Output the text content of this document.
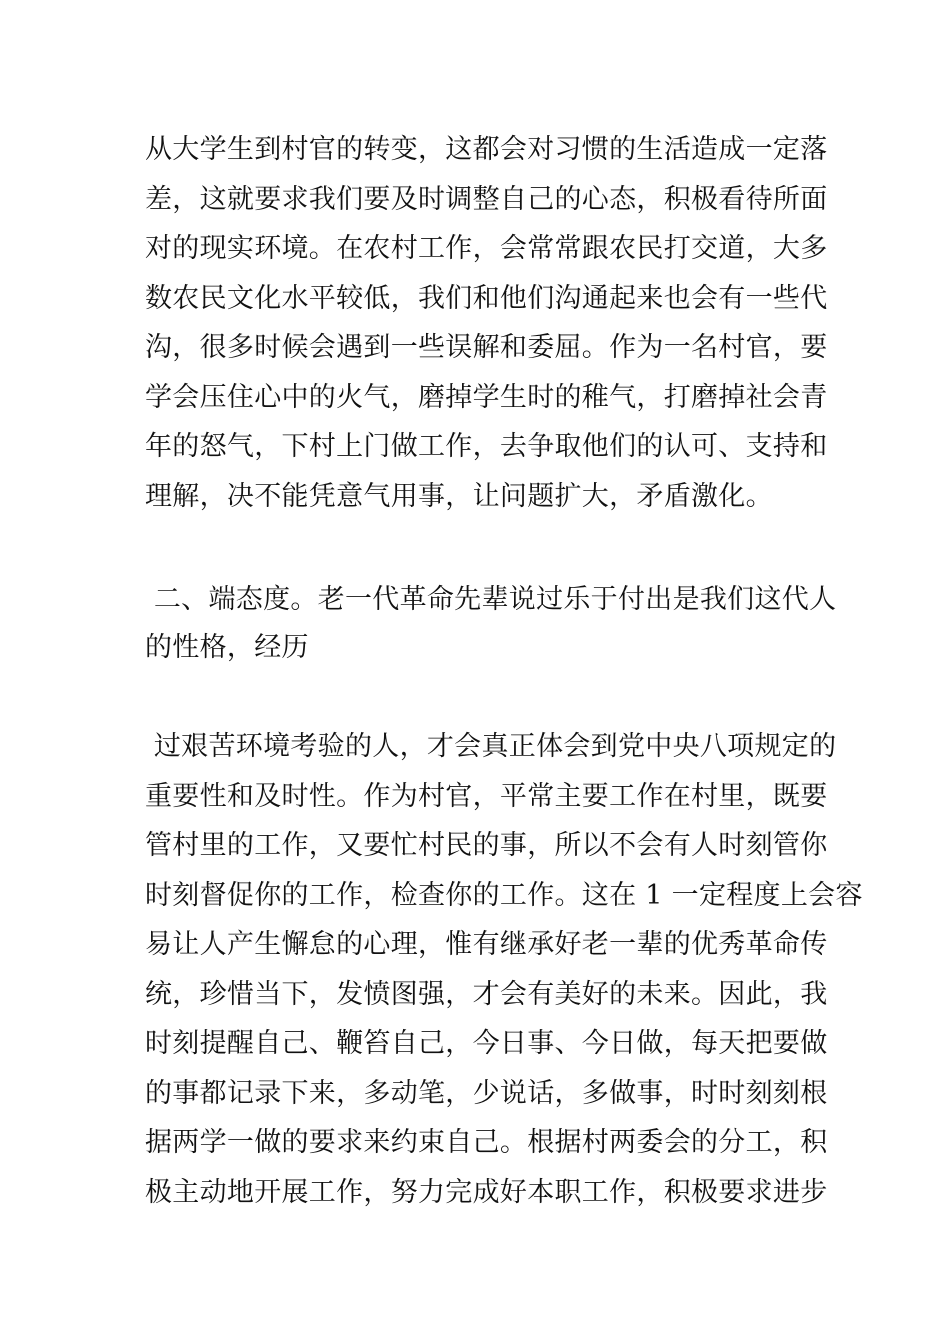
从大学生到村官的转变，这都会对习惯的生活造成一定落
差，这就要求我们要及时调整自己的心态，积极看待所面
对的现实环境。在农村工作，会常常跟农民打交道，大多
数农民文化水平较低，我们和他们沟通起来也会有一些代
沟，很多时候会遇到一些误解和委屈。作为一名村官，要
学会压住心中的火气，磨掉学生时的稚气，打磨掉社会青
年的怒气，下村上门做工作，去争取他们的认可、支持和
理解，决不能凭意气用事，让问题扩大，矛盾激化。
二、端态度。老一代革命先辈说过乐于付出是我们这代人
的性格，经历
过艰苦环境考验的人，才会真正体会到党中央八项规定的
重要性和及时性。作为村官，平常主要工作在村里，既要
管村里的工作，又要忙村民的事，所以不会有人时刻管你
时刻督促你的工作，检查你的工作。这在 1 一定程度上会容
易让人产生懈怠的心理，惟有继承好老一辈的优秀革命传
统，珍惜当下，发愤图强，才会有美好的未来。因此，我
时刻提醒自己、鞭笞自己，今日事、今日做，每天把要做
的事都记录下来，多动笔，少说话，多做事，时时刻刻根
据两学一做的要求来约束自己。根据村两委会的分工，积
极主动地开展工作，努力完成好本职工作，积极要求进步
